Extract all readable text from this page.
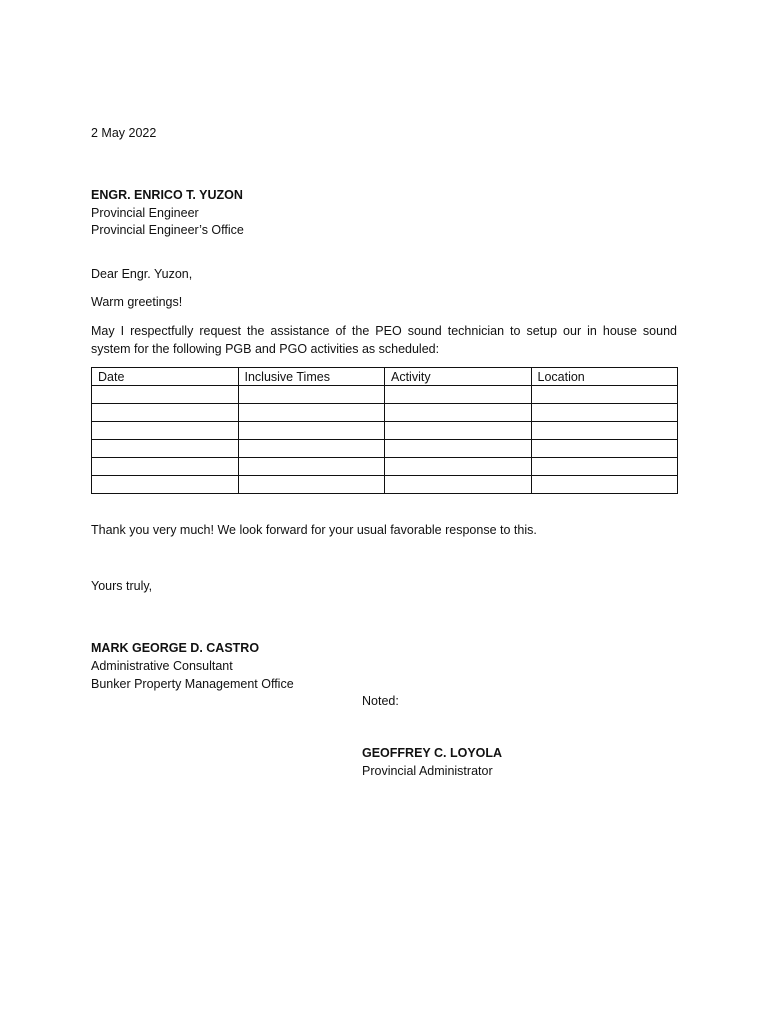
2 May 2022
ENGR. ENRICO T. YUZON
Provincial Engineer
Provincial Engineer’s Office
Dear Engr. Yuzon,
Warm greetings!
May I respectfully request the assistance of the PEO sound technician to setup our in house sound system for the following PGB and PGO activities as scheduled:
Date	Inclusive Times	Activity	Location

Thank you very much! We look forward for your usual favorable response to this.
Yours truly,
MARK GEORGE D. CASTRO
Administrative Consultant
Bunker Property Management Office
Noted:
GEOFFREY C. LOYOLA
Provincial Administrator
